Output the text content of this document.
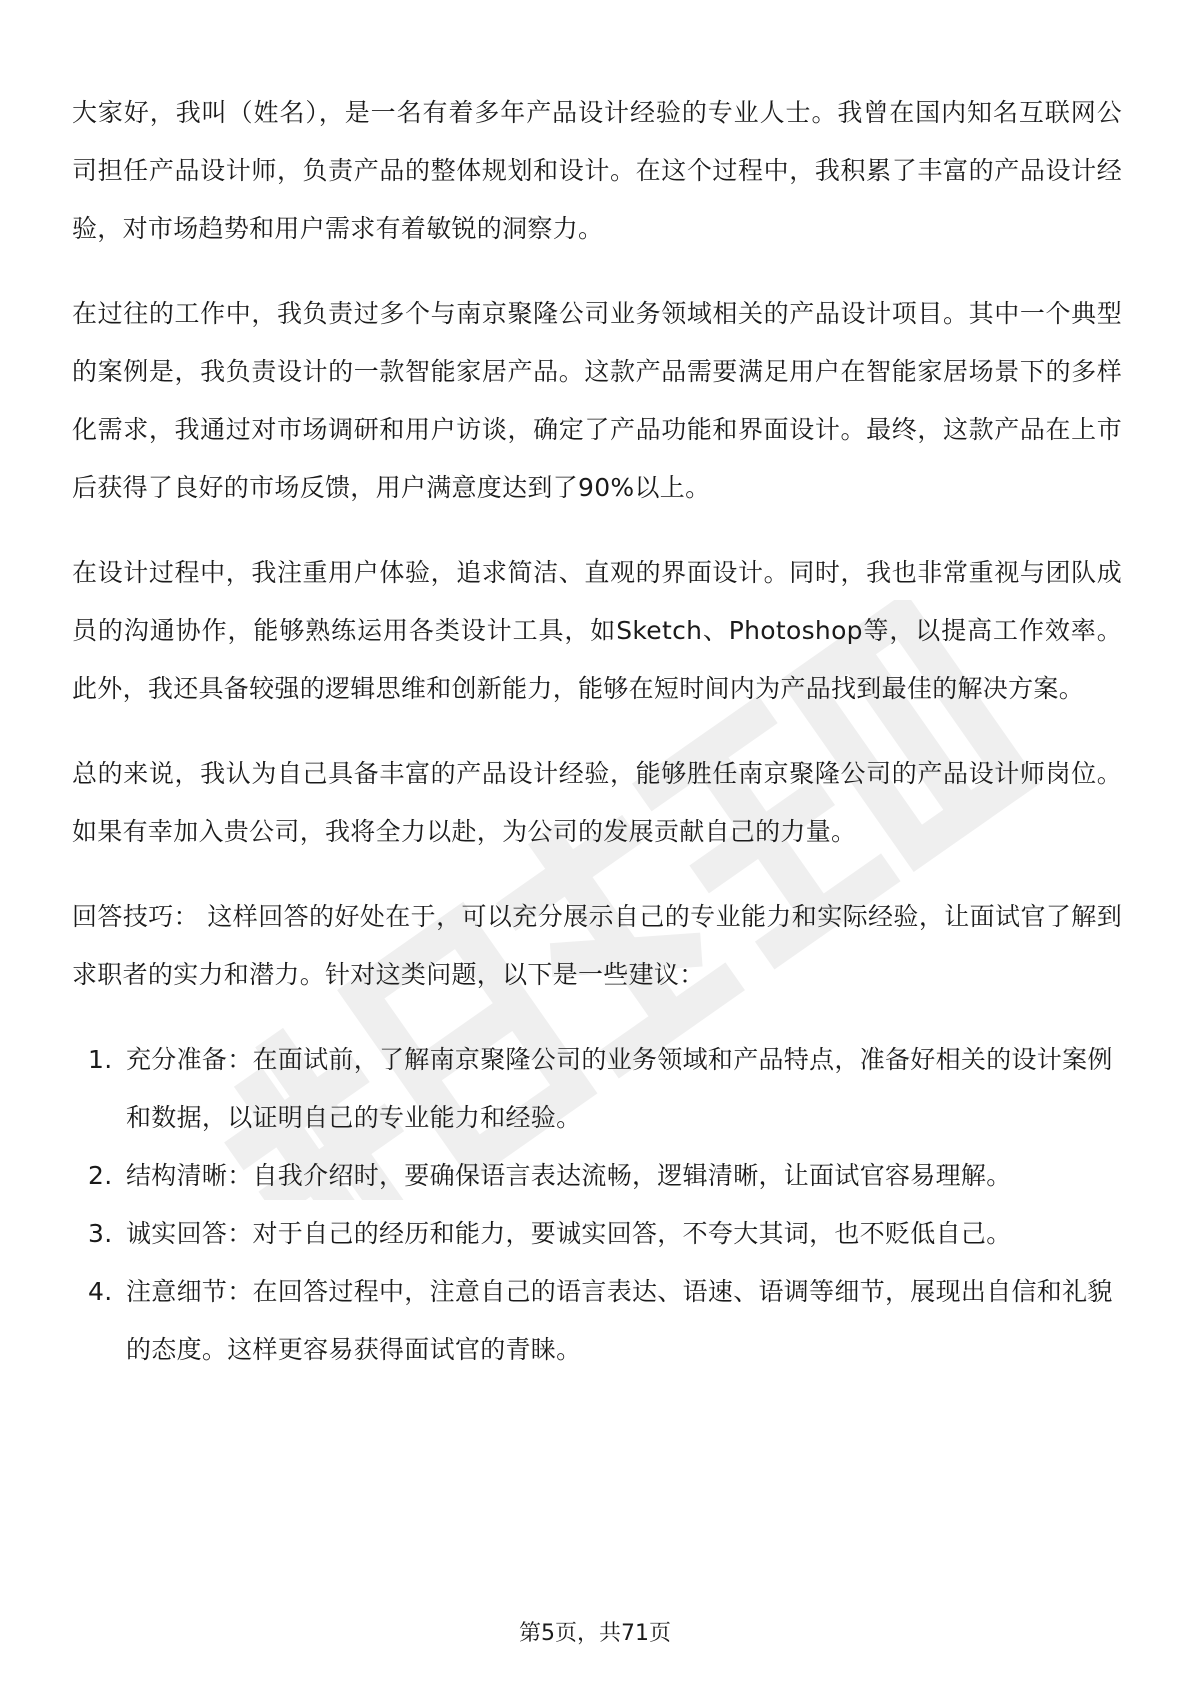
大家好，我叫（姓名），是一名有着多年产品设计经验的专业人士。我曾在国内知名互联网公司担任产品设计师，负责产品的整体规划和设计。在这个过程中，我积累了丰富的产品设计经验，对市场趋势和用户需求有着敏锐的洞察力。

在过往的工作中，我负责过多个与南京聚隆公司业务领域相关的产品设计项目。其中一个典型的案例是，我负责设计的一款智能家居产品。这款产品需要满足用户在智能家居场景下的多样化需求，我通过对市场调研和用户访谈，确定了产品功能和界面设计。最终，这款产品在上市后获得了良好的市场反馈，用户满意度达到了90%以上。

在设计过程中，我注重用户体验，追求简洁、直观的界面设计。同时，我也非常重视与团队成员的沟通协作，能够熟练运用各类设计工具，如Sketch、Photoshop等，以提高工作效率。此外，我还具备较强的逻辑思维和创新能力，能够在短时间内为产品找到最佳的解决方案。

总的来说，我认为自己具备丰富的产品设计经验，能够胜任南京聚隆公司的产品设计师岗位。如果有幸加入贵公司，我将全力以赴，为公司的发展贡献自己的力量。

回答技巧： 这样回答的好处在于，可以充分展示自己的专业能力和实际经验，让面试官了解到求职者的实力和潜力。针对这类问题，以下是一些建议：

1. 充分准备：在面试前，了解南京聚隆公司的业务领域和产品特点，准备好相关的设计案例和数据，以证明自己的专业能力和经验。
2. 结构清晰：自我介绍时，要确保语言表达流畅，逻辑清晰，让面试官容易理解。
3. 诚实回答：对于自己的经历和能力，要诚实回答，不夸大其词，也不贬低自己。
4. 注意细节：在回答过程中，注意自己的语言表达、语速、语调等细节，展现出自信和礼貌的态度。这样更容易获得面试官的青睐。
第5页，共71页
